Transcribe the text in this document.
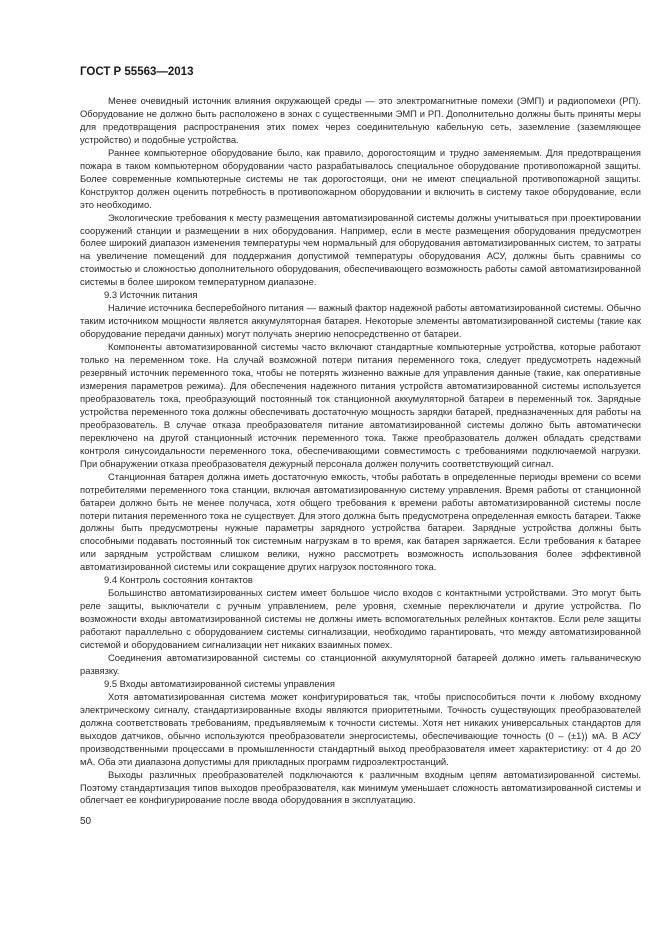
ГОСТ Р 55563—2013

Менее очевидный источник влияния окружающей среды — это электромагнитные помехи (ЭМП) и радиопомехи (РП). Оборудование не должно быть расположено в зонах с существенными ЭМП и РП. Дополнительно должны быть приняты меры для предотвращения распространения этих помех через соединительную кабельную сеть, заземление (заземляющее устройство) и подобные устройства.

Раннее компьютерное оборудование было, как правило, дорогостоящим и трудно заменяемым. Для предотвращения пожара в таком компьютерном оборудовании часто разрабатывалось специальное оборудование противопожарной защиты. Более современные компьютерные системы не так дорогостоящи, они не имеют специальной противопожарной защиты. Конструктор должен оценить потребность в противопожарном оборудовании и включить в систему такое оборудование, если это необходимо.

Экологические требования к месту размещения автоматизированной системы должны учитываться при проектировании сооружений станции и размещении в них оборудования. Например, если в месте размещения оборудования предусмотрен более широкий диапазон изменения температуры чем нормальный для оборудования автоматизированных систем, то затраты на увеличение помещений для поддержания допустимой температуры оборудования АСУ, должны быть сравнимы со стоимостью и сложностью дополнительного оборудования, обеспечивающего возможность работы самой автоматизированной системы в более широком температурном диапазоне.

9.3 Источник питания

Наличие источника бесперебойного питания — важный фактор надежной работы автоматизированной системы. Обычно таким источником мощности является аккумуляторная батарея. Некоторые элементы автоматизированной системы (такие как оборудование передачи данных) могут получать энергию непосредственно от батареи.

Компоненты автоматизированной системы часто включают стандартные компьютерные устройства, которые работают только на переменном токе. На случай возможной потери питания переменного тока, следует предусмотреть надежный резервный источник переменного тока, чтобы не потерять жизненно важные для управления данные (такие, как оперативные измерения параметров режима). Для обеспечения надежного питания устройств автоматизированной системы используется преобразователь тока, преобразующий постоянный ток станционной аккумуляторной батареи в переменный ток. Зарядные устройства переменного тока должны обеспечивать достаточную мощность зарядки батарей, предназначенных для работы на преобразователь. В случае отказа преобразователя питание автоматизированной системы должно быть автоматически переключено на другой станционный источник переменного тока. Также преобразователь должен обладать средствами контроля синусоидальности переменного тока, обеспечивающими совместимость с требованиями подключаемой нагрузки. При обнаружении отказа преобразователя дежурный персонала должен получить соответствующий сигнал.

Станционная батарея должна иметь достаточную емкость, чтобы работать в определенные периоды времени со всеми потребителями переменного тока станции, включая автоматизированную систему управления. Время работы от станционной батареи должно быть не менее получаса, хотя общего требования к времени работы автоматизированной системы после потери питания переменного тока не существует. Для этого должна быть предусмотрена определенная емкость батареи. Также должны быть предусмотрены нужные параметры зарядного устройства батареи. Зарядные устройства должны быть способными подавать постоянный ток системным нагрузкам в то время, как батарея заряжается. Если требования к батарее или зарядным устройствам слишком велики, нужно рассмотреть возможность использования более эффективной автоматизированной системы или сокращение других нагрузок постоянного тока.

9.4 Контроль состояния контактов

Большинство автоматизированных систем имеет большое число входов с контактными устройствами. Это могут быть реле защиты, выключатели с ручным управлением, реле уровня, схемные переключатели и другие устройства. По возможности входы автоматизированной системы не должны иметь вспомогательных релейных контактов. Если реле защиты работают параллельно с оборудованием системы сигнализации, необходимо гарантировать, что между автоматизированной системой и оборудованием сигнализации нет никаких взаимных помех.

Соединения автоматизированной системы со станционной аккумуляторной батареей должно иметь гальваническую развязку.

9.5 Входы автоматизированной системы управления

Хотя автоматизированная система может конфигурироваться так, чтобы приспособиться почти к любому входному электрическому сигналу, стандартизированные входы являются приоритетными. Точность существующих преобразователей должна соответствовать требованиям, предъявляемым к точности системы. Хотя нет никаких универсальных стандартов для выходов датчиков, обычно используются преобразователи энергосистемы, обеспечивающие точность (0 – (±1)) мА. В АСУ производственными процессами в промышленности стандартный выход преобразователя имеет характеристику: от 4 до 20 мА. Оба эти диапазона допустимы для прикладных программ гидроэлектростанций.

Выходы различных преобразователей подключаются к различным входным цепям автоматизированной системы. Поэтому стандартизация типов выходов преобразователя, как минимум уменьшает сложность автоматизированной системы и облегчает ее конфигурирование после ввода оборудования в эксплуатацию.

50
